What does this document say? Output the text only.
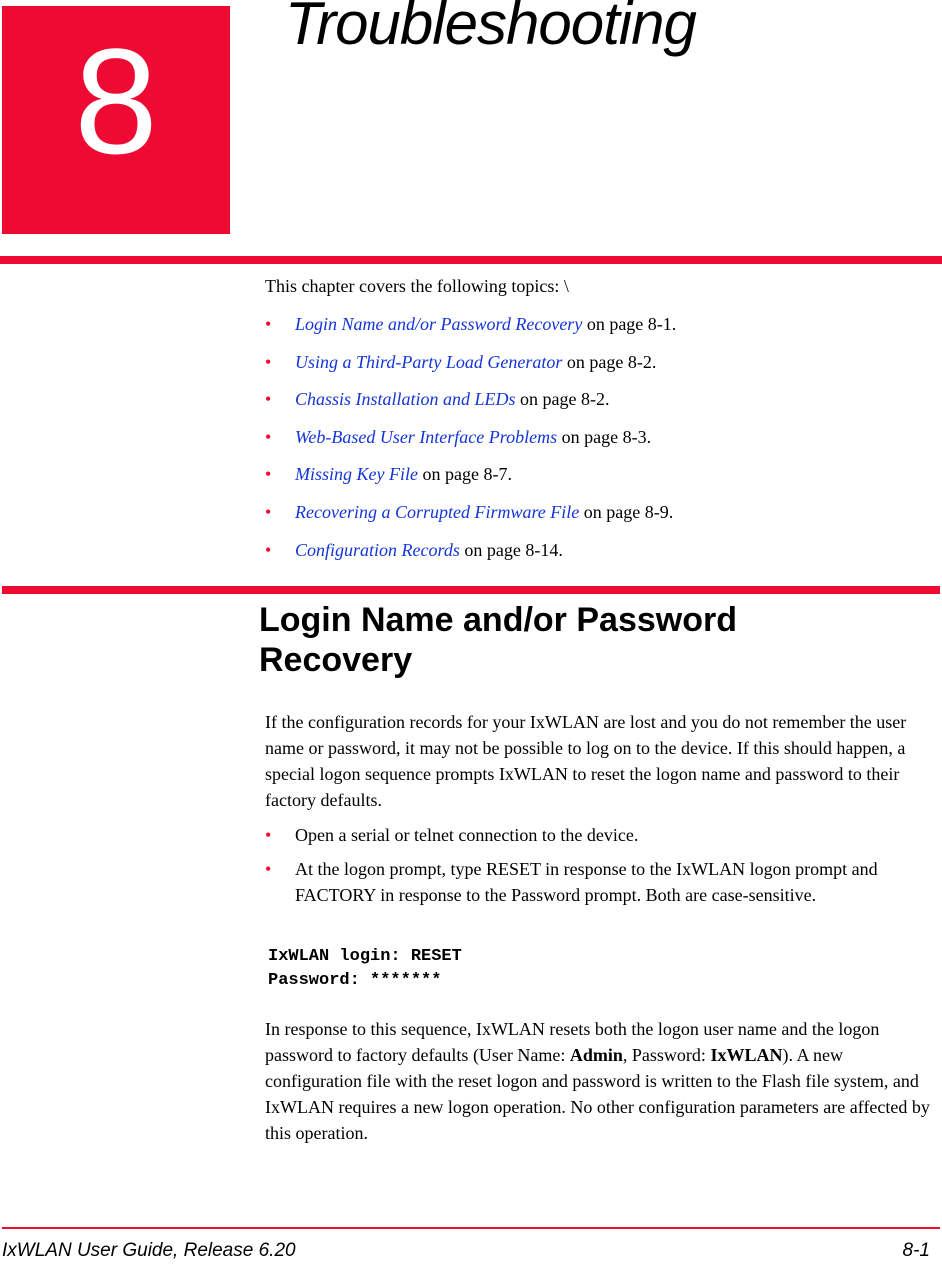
8	Troubleshooting

This chapter covers the following topics: \

• Login Name and/or Password Recovery on page 8-1.
• Using a Third-Party Load Generator on page 8-2.
• Chassis Installation and LEDs on page 8-2.
• Web-Based User Interface Problems on page 8-3.
• Missing Key File on page 8-7.
• Recovering a Corrupted Firmware File on page 8-9.
• Configuration Records on page 8-14.
Login Name and/or Password Recovery

If the configuration records for your IxWLAN are lost and you do not remember the user name or password, it may not be possible to log on to the device. If this should happen, a special logon sequence prompts IxWLAN to reset the logon name and password to their factory defaults.

• Open a serial or telnet connection to the device.
• At the logon prompt, type RESET in response to the IxWLAN logon prompt and FACTORY in response to the Password prompt. Both are case-sensitive.
IxWLAN login: RESET
Password: *******

In response to this sequence, IxWLAN resets both the logon user name and the logon password to factory defaults (User Name: Admin, Password: IxWLAN). A new configuration file with the reset logon and password is written to the Flash file system, and IxWLAN requires a new logon operation. No other configuration parameters are affected by this operation.

IxWLAN User Guide, Release 6.20	8-1
